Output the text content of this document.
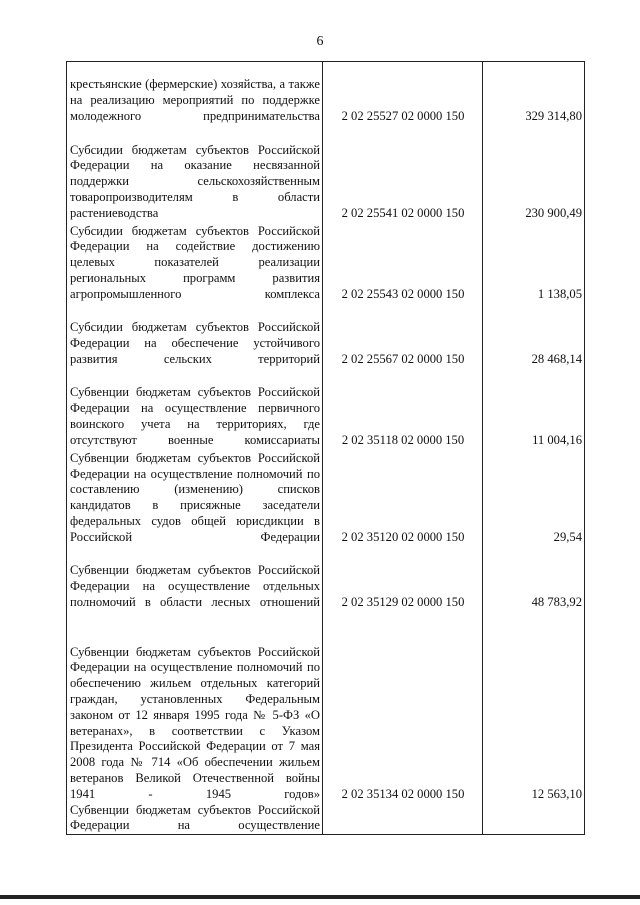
6
крестьянские (фермерские) хозяйства, а также на реализацию мероприятий по поддержке молодежного предпринимательства	2 02 25527 02 0000 150	329 314,80
Субсидии бюджетам субъектов Российской Федерации на оказание несвязанной поддержки сельскохозяйственным товаропроизводителям в области растениеводства	2 02 25541 02 0000 150	230 900,49
Субсидии бюджетам субъектов Российской Федерации на содействие достижению целевых показателей реализации региональных программ развития агропромышленного комплекса	2 02 25543 02 0000 150	1 138,05
Субсидии бюджетам субъектов Российской Федерации на обеспечение устойчивого развития сельских территорий	2 02 25567 02 0000 150	28 468,14
Субвенции бюджетам субъектов Российской Федерации на осуществление первичного воинского учета на территориях, где отсутствуют военные комиссариаты	2 02 35118 02 0000 150	11 004,16
Субвенции бюджетам субъектов Российской Федерации на осуществление полномочий по составлению (изменению) списков кандидатов в присяжные заседатели федеральных судов общей юрисдикции в Российской Федерации	2 02 35120 02 0000 150	29,54
Субвенции бюджетам субъектов Российской Федерации на осуществление отдельных полномочий в области лесных отношений	2 02 35129 02 0000 150	48 783,92
Субвенции бюджетам субъектов Российской Федерации на осуществление полномочий по обеспечению жильем отдельных категорий граждан, установленных Федеральным законом от 12 января 1995 года № 5-ФЗ «О ветеранах», в соответствии с Указом Президента Российской Федерации от 7 мая 2008 года № 714 «Об обеспечении жильем ветеранов Великой Отечественной войны 1941 - 1945 годов»	2 02 35134 02 0000 150	12 563,10
Субвенции бюджетам субъектов Российской Федерации на осуществление		
